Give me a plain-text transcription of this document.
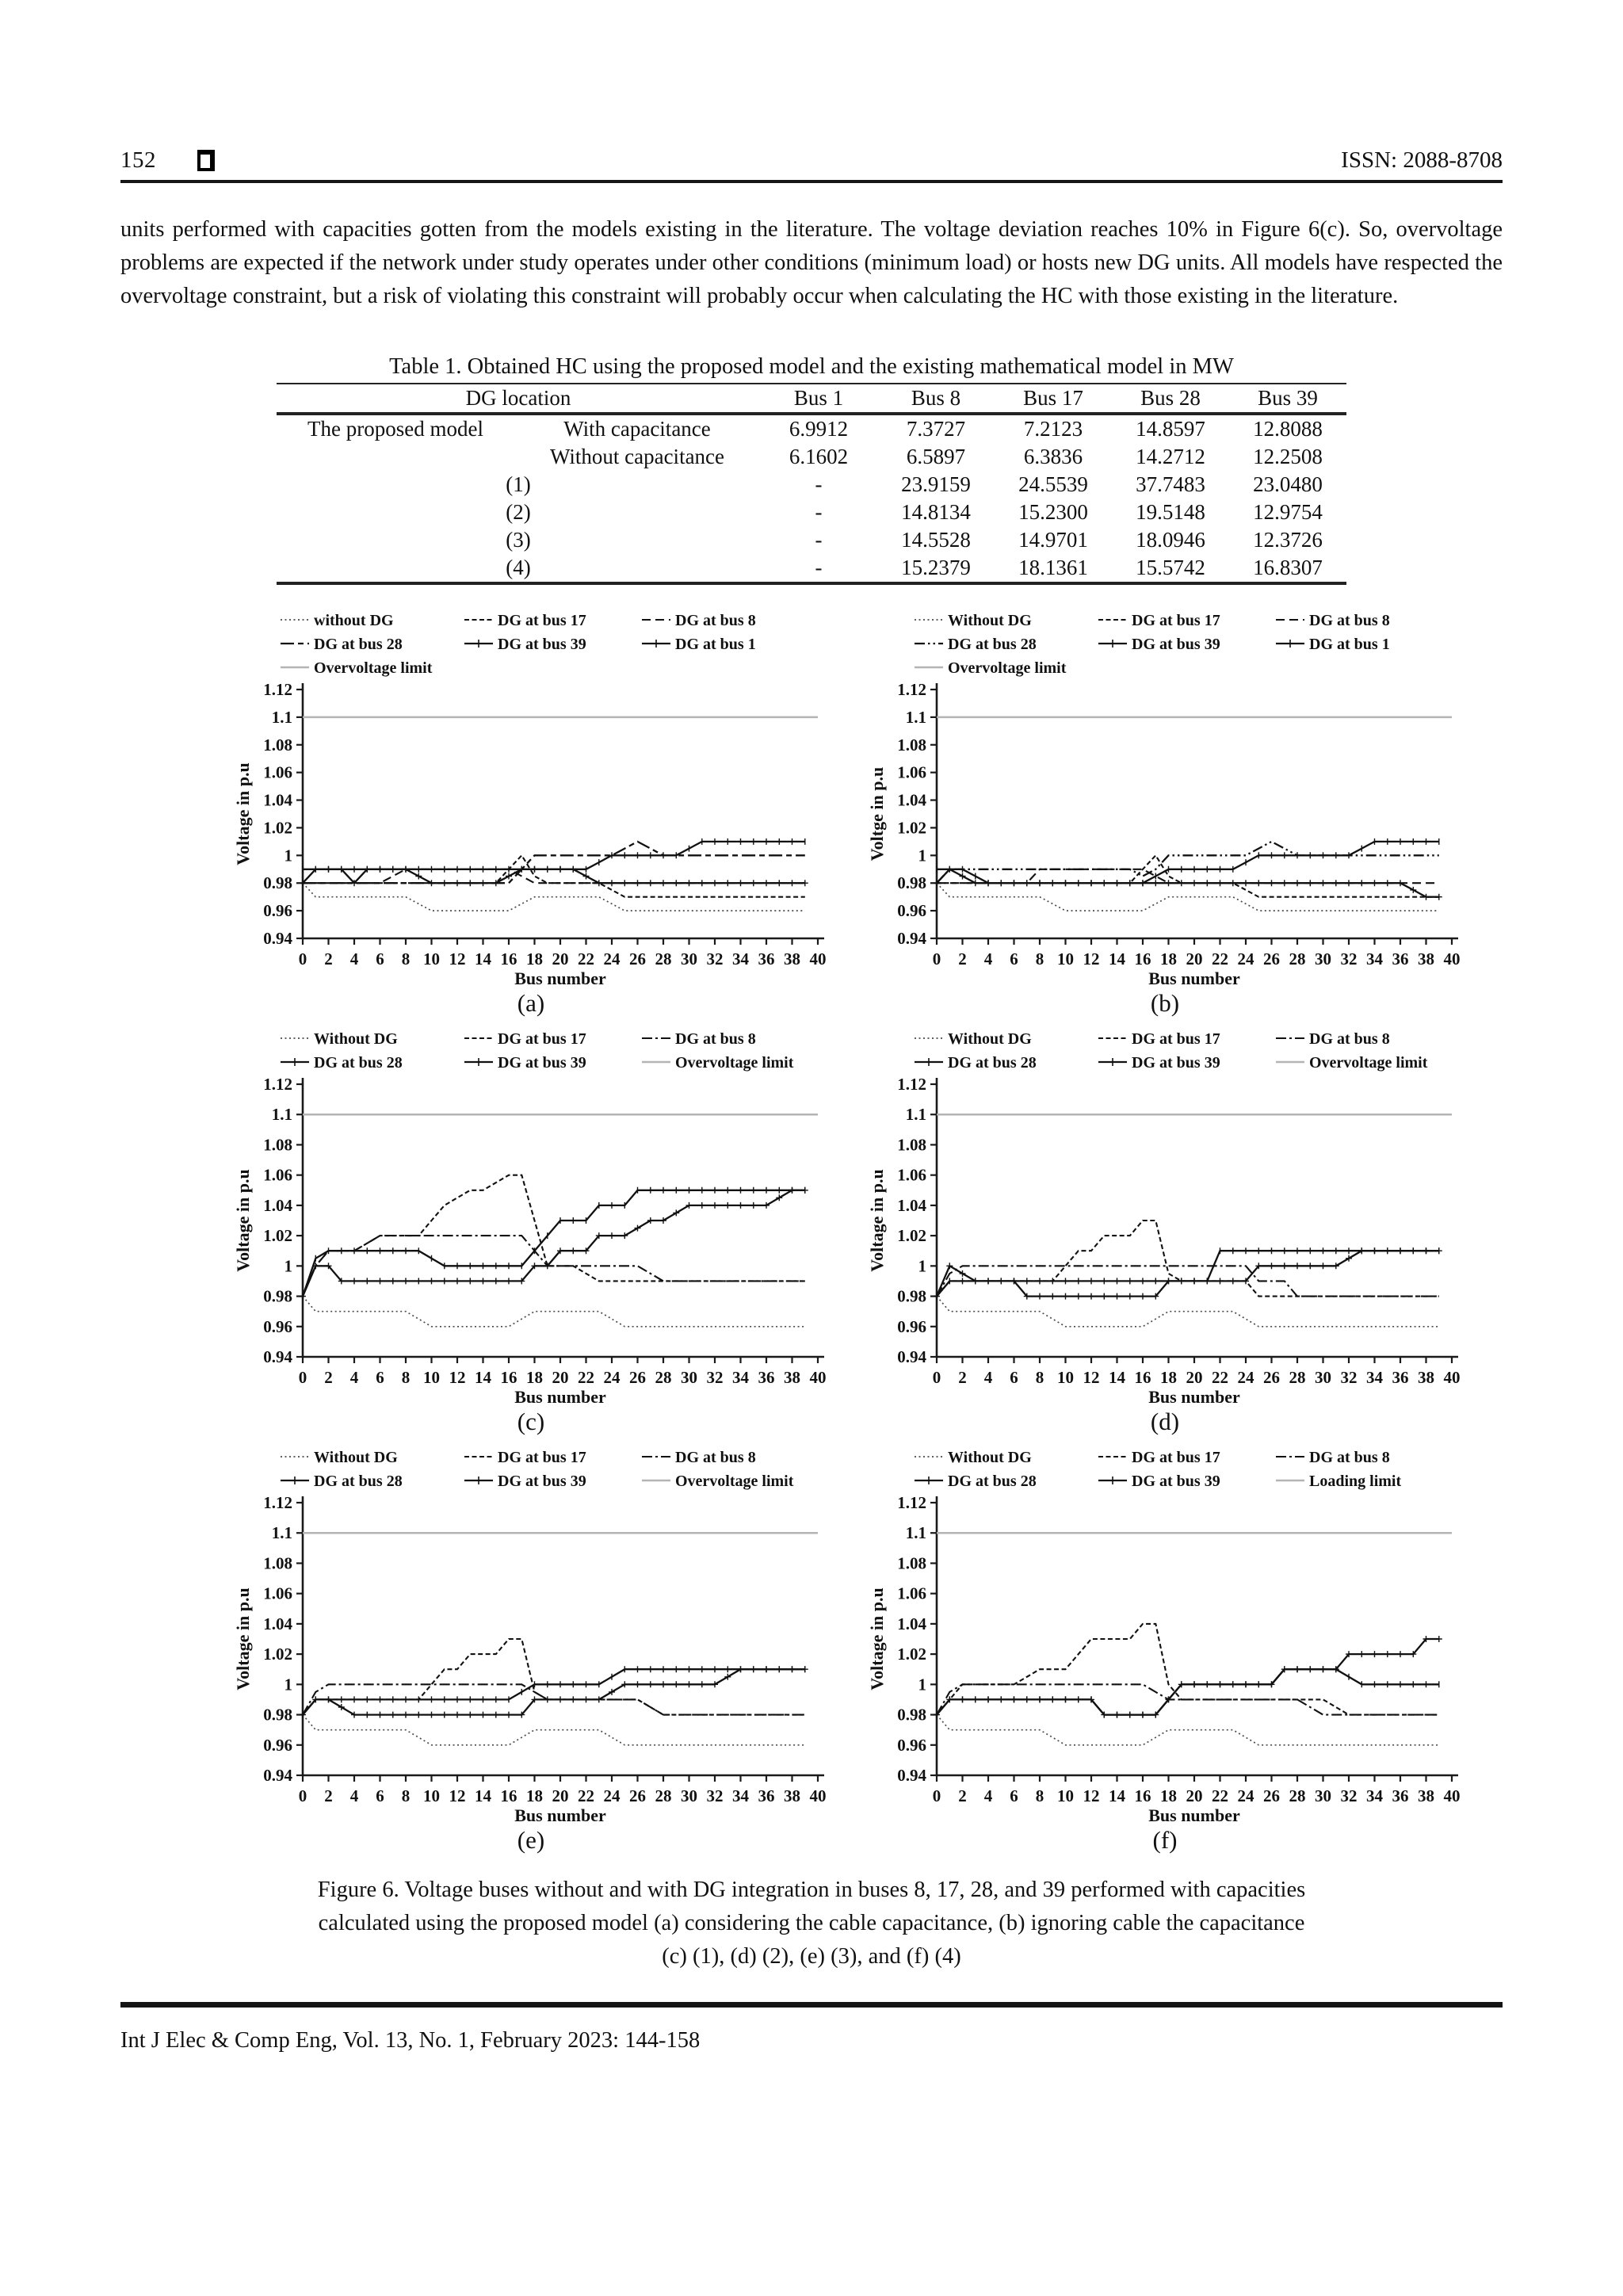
152	ISSN: 2088-8708

units performed with capacities gotten from the models existing in the literature. The voltage deviation reaches 10% in Figure 6(c). So, overvoltage problems are expected if the network under study operates under other conditions (minimum load) or hosts new DG units. All models have respected the overvoltage constraint, but a risk of violating this constraint will probably occur when calculating the HC with those existing in the literature.

Table 1. Obtained HC using the proposed model and the existing mathematical model in MW
DG location		Bus 1	Bus 8	Bus 17	Bus 28	Bus 39
The proposed model	With capacitance	6.9912	7.3727	7.2123	14.8597	12.8088
	Without capacitance	6.1602	6.5897	6.3836	14.2712	12.2508
(1)		-	23.9159	24.5539	37.7483	23.0480
(2)		-	14.8134	15.2300	19.5148	12.9754
(3)		-	14.5528	14.9701	18.0946	12.3726
(4)		-	15.2379	18.1361	15.5742	16.8307
without DG	DG at bus 17	DG at bus 8
DG at bus 28	DG at bus 39	DG at bus 1
Overvoltage limit
0.94
0.96
0.98
1
1.02
1.04
1.06
1.08
1.1
1.12
0 2 4 6 8 10 12 14 16 18 20 22 24 26 28 30 32 34 36 38 40
Bus number
Voltage in p.u
(a)
Without DG	DG at bus 17	DG at bus 8
DG at bus 28	DG at bus 39	DG at bus 1
Overvoltage limit
0.94
0.96
0.98
1
1.02
1.04
1.06
1.08
1.1
1.12
0 2 4 6 8 10 12 14 16 18 20 22 24 26 28 30 32 34 36 38 40
Bus number
Voltge in p.u
(b)
Without DG	DG at bus 17	DG at bus 8
DG at bus 28	DG at bus 39	Overvoltage limit
0.94
0.96
0.98
1
1.02
1.04
1.06
1.08
1.1
1.12
0 2 4 6 8 10 12 14 16 18 20 22 24 26 28 30 32 34 36 38 40
Bus number
Voltage in p.u
(c)
Without DG	DG at bus 17	DG at bus 8
DG at bus 28	DG at bus 39	Overvoltage limit
0.94
0.96
0.98
1
1.02
1.04
1.06
1.08
1.1
1.12
0 2 4 6 8 10 12 14 16 18 20 22 24 26 28 30 32 34 36 38 40
Bus number
Voltage in p.u
(d)
Without DG	DG at bus 17	DG at bus 8
DG at bus 28	DG at bus 39	Overvoltage limit
0.94
0.96
0.98
1
1.02
1.04
1.06
1.08
1.1
1.12
0 2 4 6 8 10 12 14 16 18 20 22 24 26 28 30 32 34 36 38 40
Bus number
Voltage in p.u
(e)
Without DG	DG at bus 17	DG at bus 8
DG at bus 28	DG at bus 39	Loading limit
0.94
0.96
0.98
1
1.02
1.04
1.06
1.08
1.1
1.12
0 2 4 6 8 10 12 14 16 18 20 22 24 26 28 30 32 34 36 38 40
Bus number
Voltage in p.u
(f)
Figure 6. Voltage buses without and with DG integration in buses 8, 17, 28, and 39 performed with capacities
calculated using the proposed model (a) considering the cable capacitance, (b) ignoring cable the capacitance
(c) (1), (d) (2), (e) (3), and (f) (4)
Int J Elec & Comp Eng, Vol. 13, No. 1, February 2023: 144-158
